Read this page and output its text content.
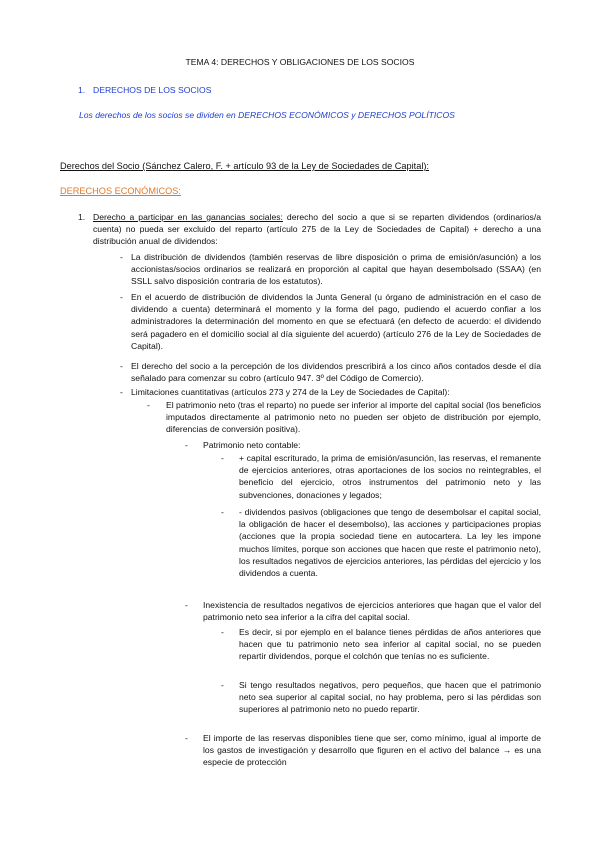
TEMA 4: DERECHOS Y OBLIGACIONES DE LOS SOCIOS
1. DERECHOS DE LOS SOCIOS
Los derechos de los socios se dividen en DERECHOS ECONÓMICOS y DERECHOS POLÍTICOS
Derechos del Socio (Sánchez Calero, F. + artículo 93 de la Ley de Sociedades de Capital):
DERECHOS ECONÓMICOS:
1. Derecho a participar en las ganancias sociales: derecho del socio a que si se reparten dividendos (ordinarios/a cuenta) no pueda ser excluido del reparto (artículo 275 de la Ley de Sociedades de Capital) + derecho a una distribución anual de dividendos:
- La distribución de dividendos (también reservas de libre disposición o prima de emisión/asunción) a los accionistas/socios ordinarios se realizará en proporción al capital que hayan desembolsado (SSAA) (en SSLL salvo disposición contraria de los estatutos).
- En el acuerdo de distribución de dividendos la Junta General (u órgano de administración en el caso de dividendo a cuenta) determinará el momento y la forma del pago, pudiendo el acuerdo confiar a los administradores la determinación del momento en que se efectuará (en defecto de acuerdo: el dividendo será pagadero en el domicilio social al día siguiente del acuerdo) (artículo 276 de la Ley de Sociedades de Capital).
- El derecho del socio a la percepción de los dividendos prescribirá a los cinco años contados desde el día señalado para comenzar su cobro (artículo 947. 3º del Código de Comercio).
- Limitaciones cuantitativas (artículos 273 y 274 de la Ley de Sociedades de Capital):
- El patrimonio neto (tras el reparto) no puede ser inferior al importe del capital social (los beneficios imputados directamente al patrimonio neto no pueden ser objeto de distribución por ejemplo, diferencias de conversión positiva).
- Patrimonio neto contable:
- + capital escriturado, la prima de emisión/asunción, las reservas, el remanente de ejercicios anteriores, otras aportaciones de los socios no reintegrables, el beneficio del ejercicio, otros instrumentos del patrimonio neto y las subvenciones, donaciones y legados;
- - dividendos pasivos (obligaciones que tengo de desembolsar el capital social, la obligación de hacer el desembolso), las acciones y participaciones propias (acciones que la propia sociedad tiene en autocartera. La ley les impone muchos límites, porque son acciones que hacen que reste el patrimonio neto), los resultados negativos de ejercicios anteriores, las pérdidas del ejercicio y los dividendos a cuenta.
- Inexistencia de resultados negativos de ejercicios anteriores que hagan que el valor del patrimonio neto sea inferior a la cifra del capital social.
- Es decir, si por ejemplo en el balance tienes pérdidas de años anteriores que hacen que tu patrimonio neto sea inferior al capital social, no se pueden repartir dividendos, porque el colchón que tenías no es suficiente.
- Si tengo resultados negativos, pero pequeños, que hacen que el patrimonio neto sea superior al capital social, no hay problema, pero si las pérdidas son superiores al patrimonio neto no puedo repartir.
- El importe de las reservas disponibles tiene que ser, como mínimo, igual al importe de los gastos de investigación y desarrollo que figuren en el activo del balance → es una especie de protección
